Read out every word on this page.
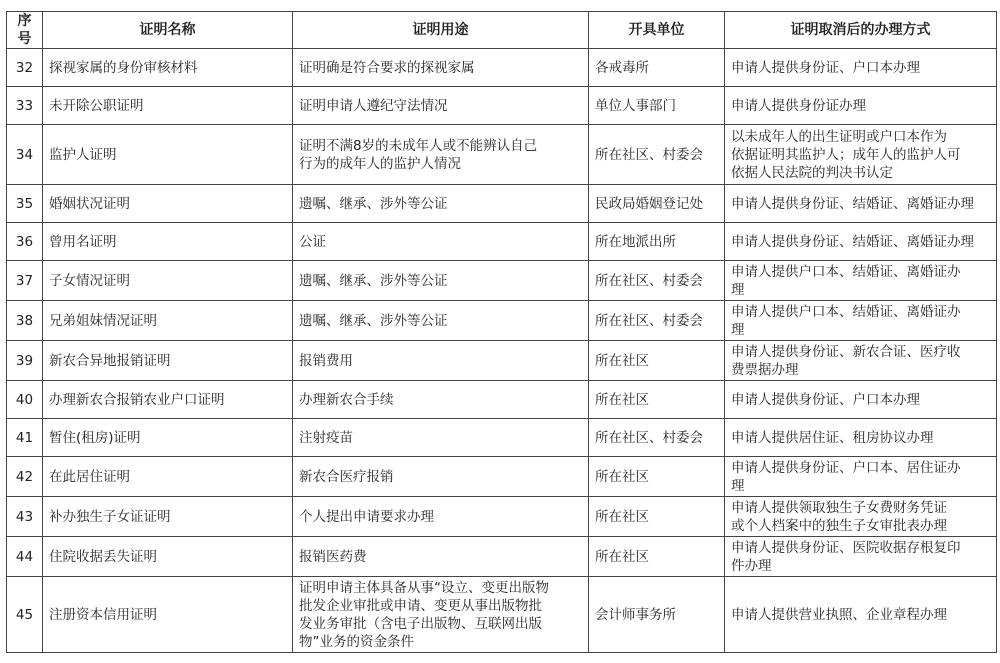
序号	证明名称	证明用途	开具单位	证明取消后的办理方式
32	探视家属的身份审核材料	证明确是符合要求的探视家属	各戒毒所	申请人提供身份证、户口本办理
33	未开除公职证明	证明申请人遵纪守法情况	单位人事部门	申请人提供身份证办理
34	监护人证明	证明不满8岁的未成年人或不能辨认自己
行为的成年人的监护人情况	所在社区、村委会	以未成年人的出生证明或户口本作为
依据证明其监护人；成年人的监护人可
依据人民法院的判决书认定
35	婚姻状况证明	遗嘱、继承、涉外等公证	民政局婚姻登记处	申请人提供身份证、结婚证、离婚证办理
36	曾用名证明	公证	所在地派出所	申请人提供身份证、结婚证、离婚证办理
37	子女情况证明	遗嘱、继承、涉外等公证	所在社区、村委会	申请人提供户口本、结婚证、离婚证办
理
38	兄弟姐妹情况证明	遗嘱、继承、涉外等公证	所在社区、村委会	申请人提供户口本、结婚证、离婚证办
理
39	新农合异地报销证明	报销费用	所在社区	申请人提供身份证、新农合证、医疗收
费票据办理
40	办理新农合报销农业户口证明	办理新农合手续	所在社区	申请人提供身份证、户口本办理
41	暂住(租房)证明	注射疫苗	所在社区、村委会	申请人提供居住证、租房协议办理
42	在此居住证明	新农合医疗报销	所在社区	申请人提供身份证、户口本、居住证办
理
43	补办独生子女证证明	个人提出申请要求办理	所在社区	申请人提供领取独生子女费财务凭证
或个人档案中的独生子女审批表办理
44	住院收据丢失证明	报销医药费	所在社区	申请人提供身份证、医院收据存根复印
件办理
45	注册资本信用证明	证明申请主体具备从事“设立、变更出版物
批发企业审批或申请、变更从事出版物批
发业务审批（含电子出版物、互联网出版
物”业务的资金条件	会计师事务所	申请人提供营业执照、企业章程办理
